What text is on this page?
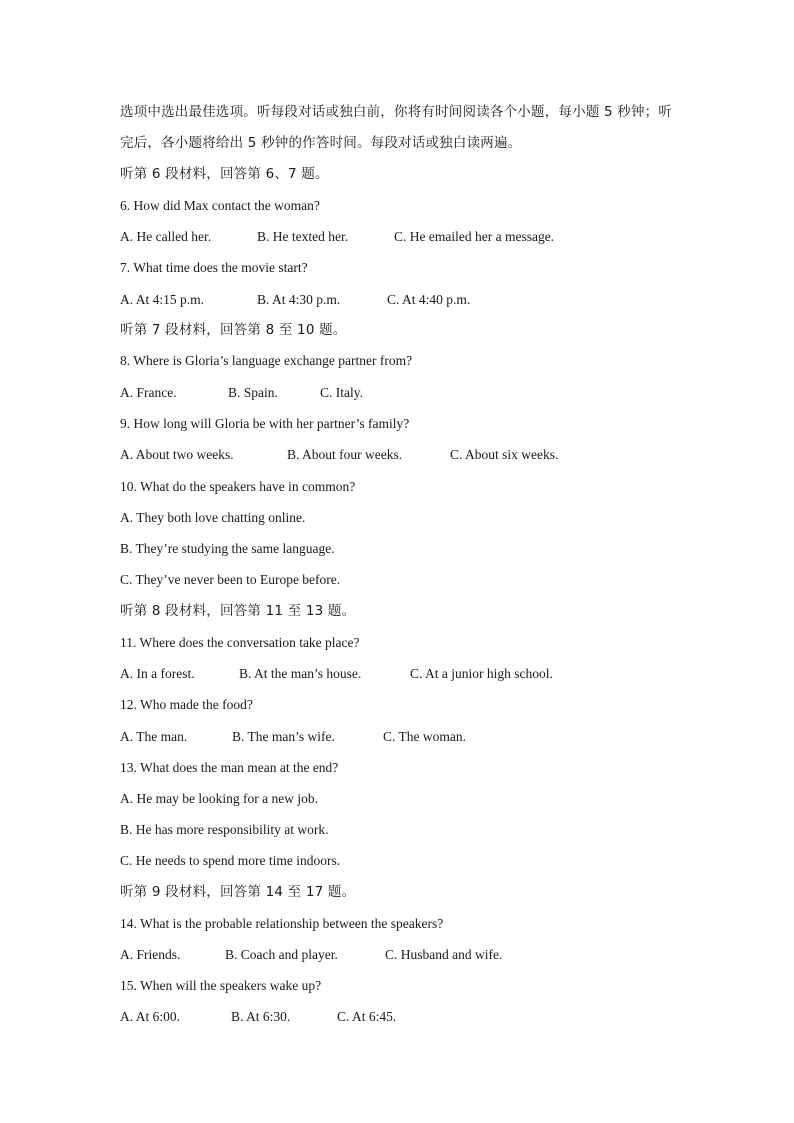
选项中选出最佳选项。听每段对话或独白前，你将有时间阅读各个小题，每小题 5 秒钟；听
完后，各小题将给出 5 秒钟的作答时间。每段对话或独白读两遍。
听第 6 段材料，回答第 6、7 题。
6. How did Max contact the woman?
A. He called her.	B. He texted her.	C. He emailed her a message.
7. What time does the movie start?
A. At 4:15 p.m.	B. At 4:30 p.m.	C. At 4:40 p.m.
听第 7 段材料，回答第 8 至 10 题。
8. Where is Gloria’s language exchange partner from?
A. France.	B. Spain.	C. Italy.
9. How long will Gloria be with her partner’s family?
A. About two weeks.	B. About four weeks.	C. About six weeks.
10. What do the speakers have in common?
A. They both love chatting online.
B. They’re studying the same language.
C. They’ve never been to Europe before.
听第 8 段材料，回答第 11 至 13 题。
11. Where does the conversation take place?
A. In a forest.	B. At the man’s house.	C. At a junior high school.
12. Who made the food?
A. The man.	B. The man’s wife.	C. The woman.
13. What does the man mean at the end?
A. He may be looking for a new job.
B. He has more responsibility at work.
C. He needs to spend more time indoors.
听第 9 段材料，回答第 14 至 17 题。
14. What is the probable relationship between the speakers?
A. Friends.	B. Coach and player.	C. Husband and wife.
15. When will the speakers wake up?
A. At 6:00.	B. At 6:30.	C. At 6:45.
